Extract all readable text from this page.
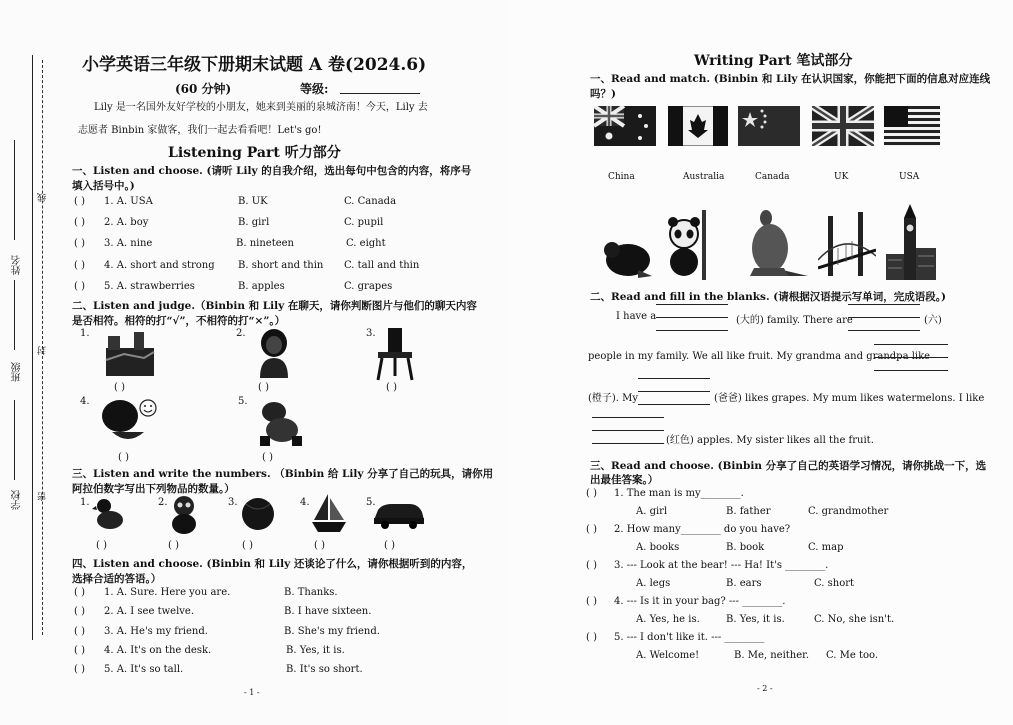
姓名
班级
学校
线
封
密
小学英语三年级下册期末试题 A 卷(2024.6)
(60 分钟)	等级:
Lily 是一名国外友好学校的小朋友，她来到美丽的泉城济南！今天，Lily 去
志愿者 Binbin 家做客，我们一起去看看吧！Let's go!
Listening Part 听力部分
一、Listen and choose. (请听 Lily 的自我介绍，选出每句中包含的内容，将序号
填入括号中。)
( ) 1. A. USA	B. UK	C. Canada
( ) 2. A. boy	B. girl	C. pupil
( ) 3. A. nine	B. nineteen	C. eight
( ) 4. A. short and strong B. short and thin C. tall and thin
( ) 5. A. strawberries	B. apples	C. grapes
二、Listen and judge.（Binbin 和 Lily 在聊天，请你判断图片与他们的聊天内容
是否相符。相符的打“√”，不相符的打“×”。）
1.
( )
2.
( )
3.
( )
4.
( )
5.
( )
三、Listen and write the numbers. （Binbin 给 Lily 分享了自己的玩具，请你用
阿拉伯数字写出下列物品的数量。）
1.
( )
2.
( )
3.
( )
4.
( )
5.
( )
四、Listen and choose. (Binbin 和 Lily 还谈论了什么，请你根据听到的内容，
选择合适的答语。）
( ) 1. A. Sure. Here you are.	B. Thanks.
( ) 2. A. I see twelve.	B. I have sixteen.
( ) 3. A. He's my friend.	B. She's my friend.
( ) 4. A. It's on the desk.	B. Yes, it is.
( ) 5. A. It's so tall.	B. It's so short.
- 1 -
Writing Part 笔试部分
一、Read and match. (Binbin 和 Lily 在认识国家，你能把下面的信息对应连线
吗？)
China	Australia	Canada	UK	USA
二、Read and fill in the blanks. (请根据汉语提示写单词，完成语段。)
I have a	(大的) family. There are	(六)
people in my family. We all like fruit. My grandma and grandpa like
(橙子). My	(爸爸) likes grapes. My mum likes watermelons. I like
(红色) apples. My sister likes all the fruit.
三、Read and choose. (Binbin 分享了自己的英语学习情况，请你挑战一下，选
出最佳答案。）
( ) 1. The man is my________.
A. girl	B. father	C. grandmother
( ) 2. How many________ do you have?
A. books	B. book	C. map
( ) 3. --- Look at the bear! --- Ha! It's ________.
A. legs	B. ears	C. short
( ) 4. --- Is it in your bag? --- ________.
A. Yes, he is.	B. Yes, it is.	C. No, she isn't.
( ) 5. --- I don't like it. --- ________
A. Welcome!	B. Me, neither. C. Me too.
- 2 -
